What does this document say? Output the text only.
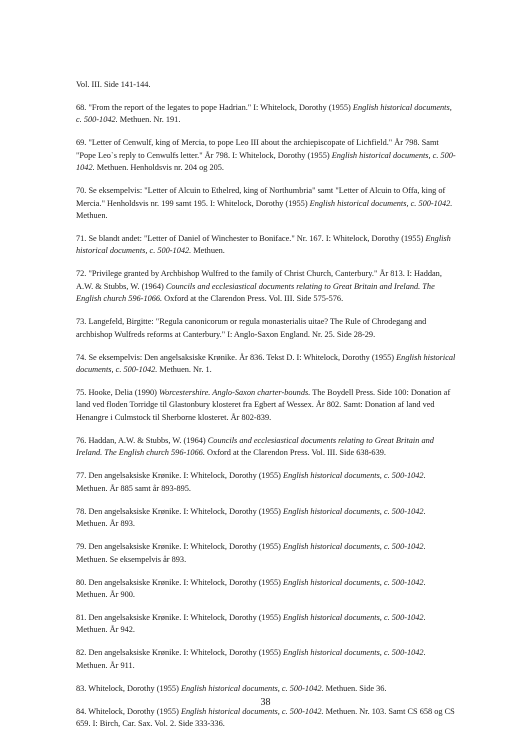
Vol. III. Side 141-144.

68. "From the report of the legates to pope Hadrian." I: Whitelock, Dorothy (1955) English historical documents, c. 500-1042. Methuen. Nr. 191.

69. "Letter of Cenwulf, king of Mercia, to pope Leo III about the archiepiscopate of Lichfield." År 798. Samt "Pope Leo`s reply to Cenwulfs letter." År 798. I: Whitelock, Dorothy (1955) English historical documents, c. 500-1042. Methuen. Henholdsvis nr. 204 og 205.

70. Se eksempelvis: "Letter of Alcuin to Ethelred, king of Northumbria" samt "Letter of Alcuin to Offa, king of Mercia." Henholdsvis nr. 199 samt 195. I: Whitelock, Dorothy (1955) English historical documents, c. 500-1042. Methuen.

71. Se blandt andet: "Letter of Daniel of Winchester to Boniface." Nr. 167. I: Whitelock, Dorothy (1955) English historical documents, c. 500-1042. Methuen.

72. "Privilege granted by Archbishop Wulfred to the family of Christ Church, Canterbury." År 813. I: Haddan, A.W. & Stubbs, W. (1964) Councils and ecclesiastical documents relating to Great Britain and Ireland. The English church 596-1066. Oxford at the Clarendon Press. Vol. III. Side 575-576.

73. Langefeld, Birgitte: "Regula canonicorum or regula monasterialis uitae? The Rule of Chrodegang and archbishop Wulfreds reforms at Canterbury." I: Anglo-Saxon England. Nr. 25. Side 28-29.

74. Se eksempelvis: Den angelsaksiske Krønike. År 836. Tekst D. I: Whitelock, Dorothy (1955) English historical documents, c. 500-1042. Methuen. Nr. 1.

75. Hooke, Delia (1990) Worcestershire. Anglo-Saxon charter-bounds. The Boydell Press. Side 100: Donation af land ved floden Torridge til Glastonbury klosteret fra Egbert af Wessex. År 802. Samt: Donation af land ved Henangre i Culmstock til Sherborne klosteret. År 802-839.

76. Haddan, A.W. & Stubbs, W. (1964) Councils and ecclesiastical documents relating to Great Britain and Ireland. The English church 596-1066. Oxford at the Clarendon Press. Vol. III. Side 638-639.

77. Den angelsaksiske Krønike. I: Whitelock, Dorothy (1955) English historical documents, c. 500-1042. Methuen. År 885 samt år 893-895.

78. Den angelsaksiske Krønike. I: Whitelock, Dorothy (1955) English historical documents, c. 500-1042. Methuen. År 893.

79. Den angelsaksiske Krønike. I: Whitelock, Dorothy (1955) English historical documents, c. 500-1042. Methuen. Se eksempelvis år 893.

80. Den angelsaksiske Krønike. I: Whitelock, Dorothy (1955) English historical documents, c. 500-1042. Methuen. År 900.

81. Den angelsaksiske Krønike. I: Whitelock, Dorothy (1955) English historical documents, c. 500-1042. Methuen. År 942.

82. Den angelsaksiske Krønike. I: Whitelock, Dorothy (1955) English historical documents, c. 500-1042. Methuen. År 911.

83. Whitelock, Dorothy (1955) English historical documents, c. 500-1042. Methuen. Side 36.

84. Whitelock, Dorothy (1955) English historical documents, c. 500-1042. Methuen. Nr. 103. Samt CS 658 og CS 659. I: Birch, Car. Sax. Vol. 2. Side 333-336.

38
